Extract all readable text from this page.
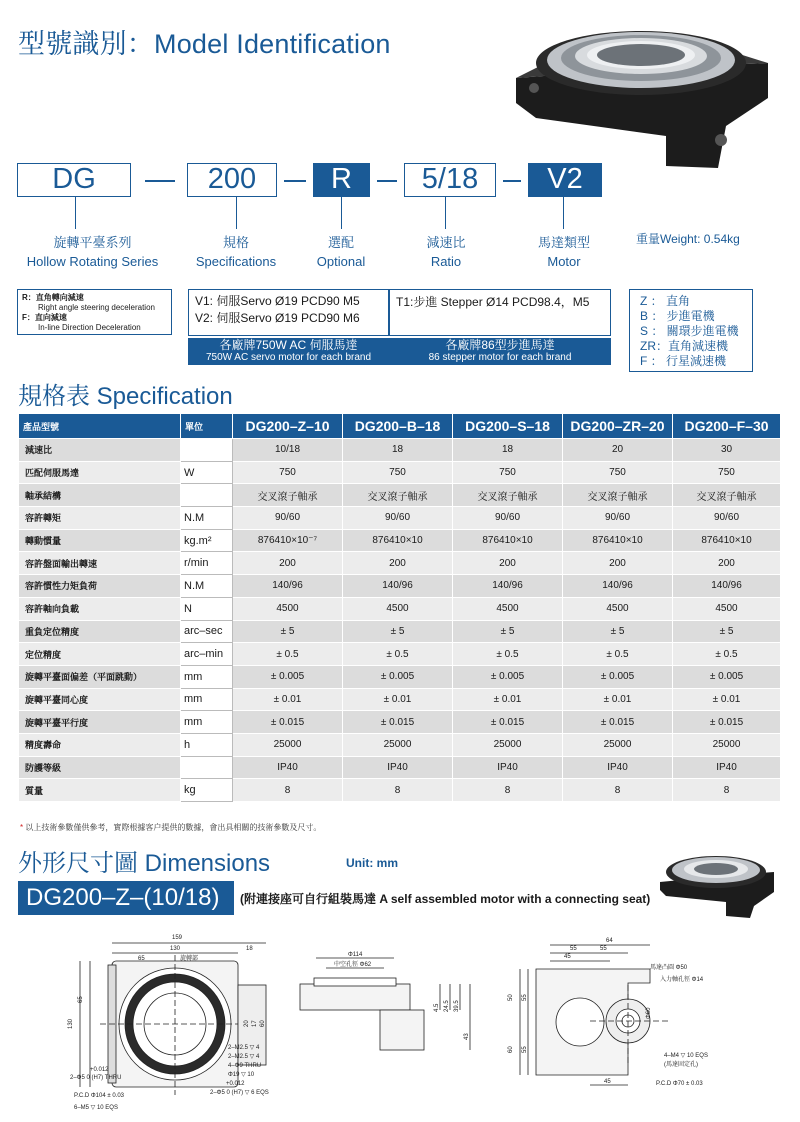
型號識別：Model Identification
DG	200	R	5/18	V2
旋轉平臺系列
Hollow Rotating Series
規格
Specifications
選配
Optional
減速比
Ratio
馬達類型
Motor
重量Weight: 0.54kg
R：直角轉向減速
Right angle steering deceleration
F：直向減速
In-line Direction Deceleration
V1: 伺服Servo Ø19 PCD90 M5
V2: 伺服Servo Ø19 PCD90 M6
各廠牌750W AC 伺服馬達
750W AC servo motor for each brand
T1:步進 Stepper Ø14 PCD98.4，M5
各廠牌86型步進馬達
86 stepper motor for each brand
Z ： 直角
B ： 步進電機
S ： 關環步進電機
ZR：直角減速機
F ： 行星減速機
規格表 Specification
產品型號	單位	DG200–Z–10	DG200–B–18	DG200–S–18	DG200–ZR–20	DG200–F–30
減速比		10/18	18	18	20	30
匹配伺服馬達	W	750	750	750	750	750
軸承結構		交叉滾子軸承	交叉滾子軸承	交叉滾子軸承	交叉滾子軸承	交叉滾子軸承
容許轉矩	N.M	90/60	90/60	90/60	90/60	90/60
轉動慣量	kg.m²	876410×10⁻⁷	876410×10	876410×10	876410×10	876410×10
容許盤面輸出轉速	r/min	200	200	200	200	200
容許慣性力矩負荷	N.M	140/96	140/96	140/96	140/96	140/96
容許軸向負載	N	4500	4500	4500	4500	4500
重負定位精度	arc–sec	± 5	± 5	± 5	± 5	± 5
定位精度	arc–min	± 0.5	± 0.5	± 0.5	± 0.5	± 0.5
旋轉平臺面偏差（平面跳動）	mm	± 0.005	± 0.005	± 0.005	± 0.005	± 0.005
旋轉平臺同心度	mm	± 0.01	± 0.01	± 0.01	± 0.01	± 0.01
旋轉平臺平行度	mm	± 0.015	± 0.015	± 0.015	± 0.015	± 0.015
精度壽命	h	25000	25000	25000	25000	25000
防護等級		IP40	IP40	IP40	IP40	IP40
質量	kg	8	8	8	8	8
* 以上技術參數僅供參考，實際根據客户提供的數據，會出具相關的技術參數及尺寸。
外形尺寸圖 Dimensions	Unit: mm
DG200–Z–(10/18)	(附連接座可自行組裝馬達 A self assembled motor with a connecting seat)
159
130	18
65	旋轉部
65
130	20 17 60
2–M2.5 ▽ 4
2–M2.5 ▽ 4
4–Φ9 THRU
Φ19 ▽ 10
+0.012
2–Φ5 0 (H7) THRU
P.C.D Φ104 ± 0.03
6–M5 ▽ 10 EQS
+0.012
2–Φ5 0 (H7) ▽ 6 EQS
Φ114
中空孔徑 Φ62
4.5 24.5 39.5
43
64
55	55
45
馬達凸圓 Φ50
入力軸孔徑 Φ14
Φ60
50 55
55
60
4–M4 ▽ 10 EQS
(馬達固定孔)
45	P.C.D Φ70 ± 0.03
